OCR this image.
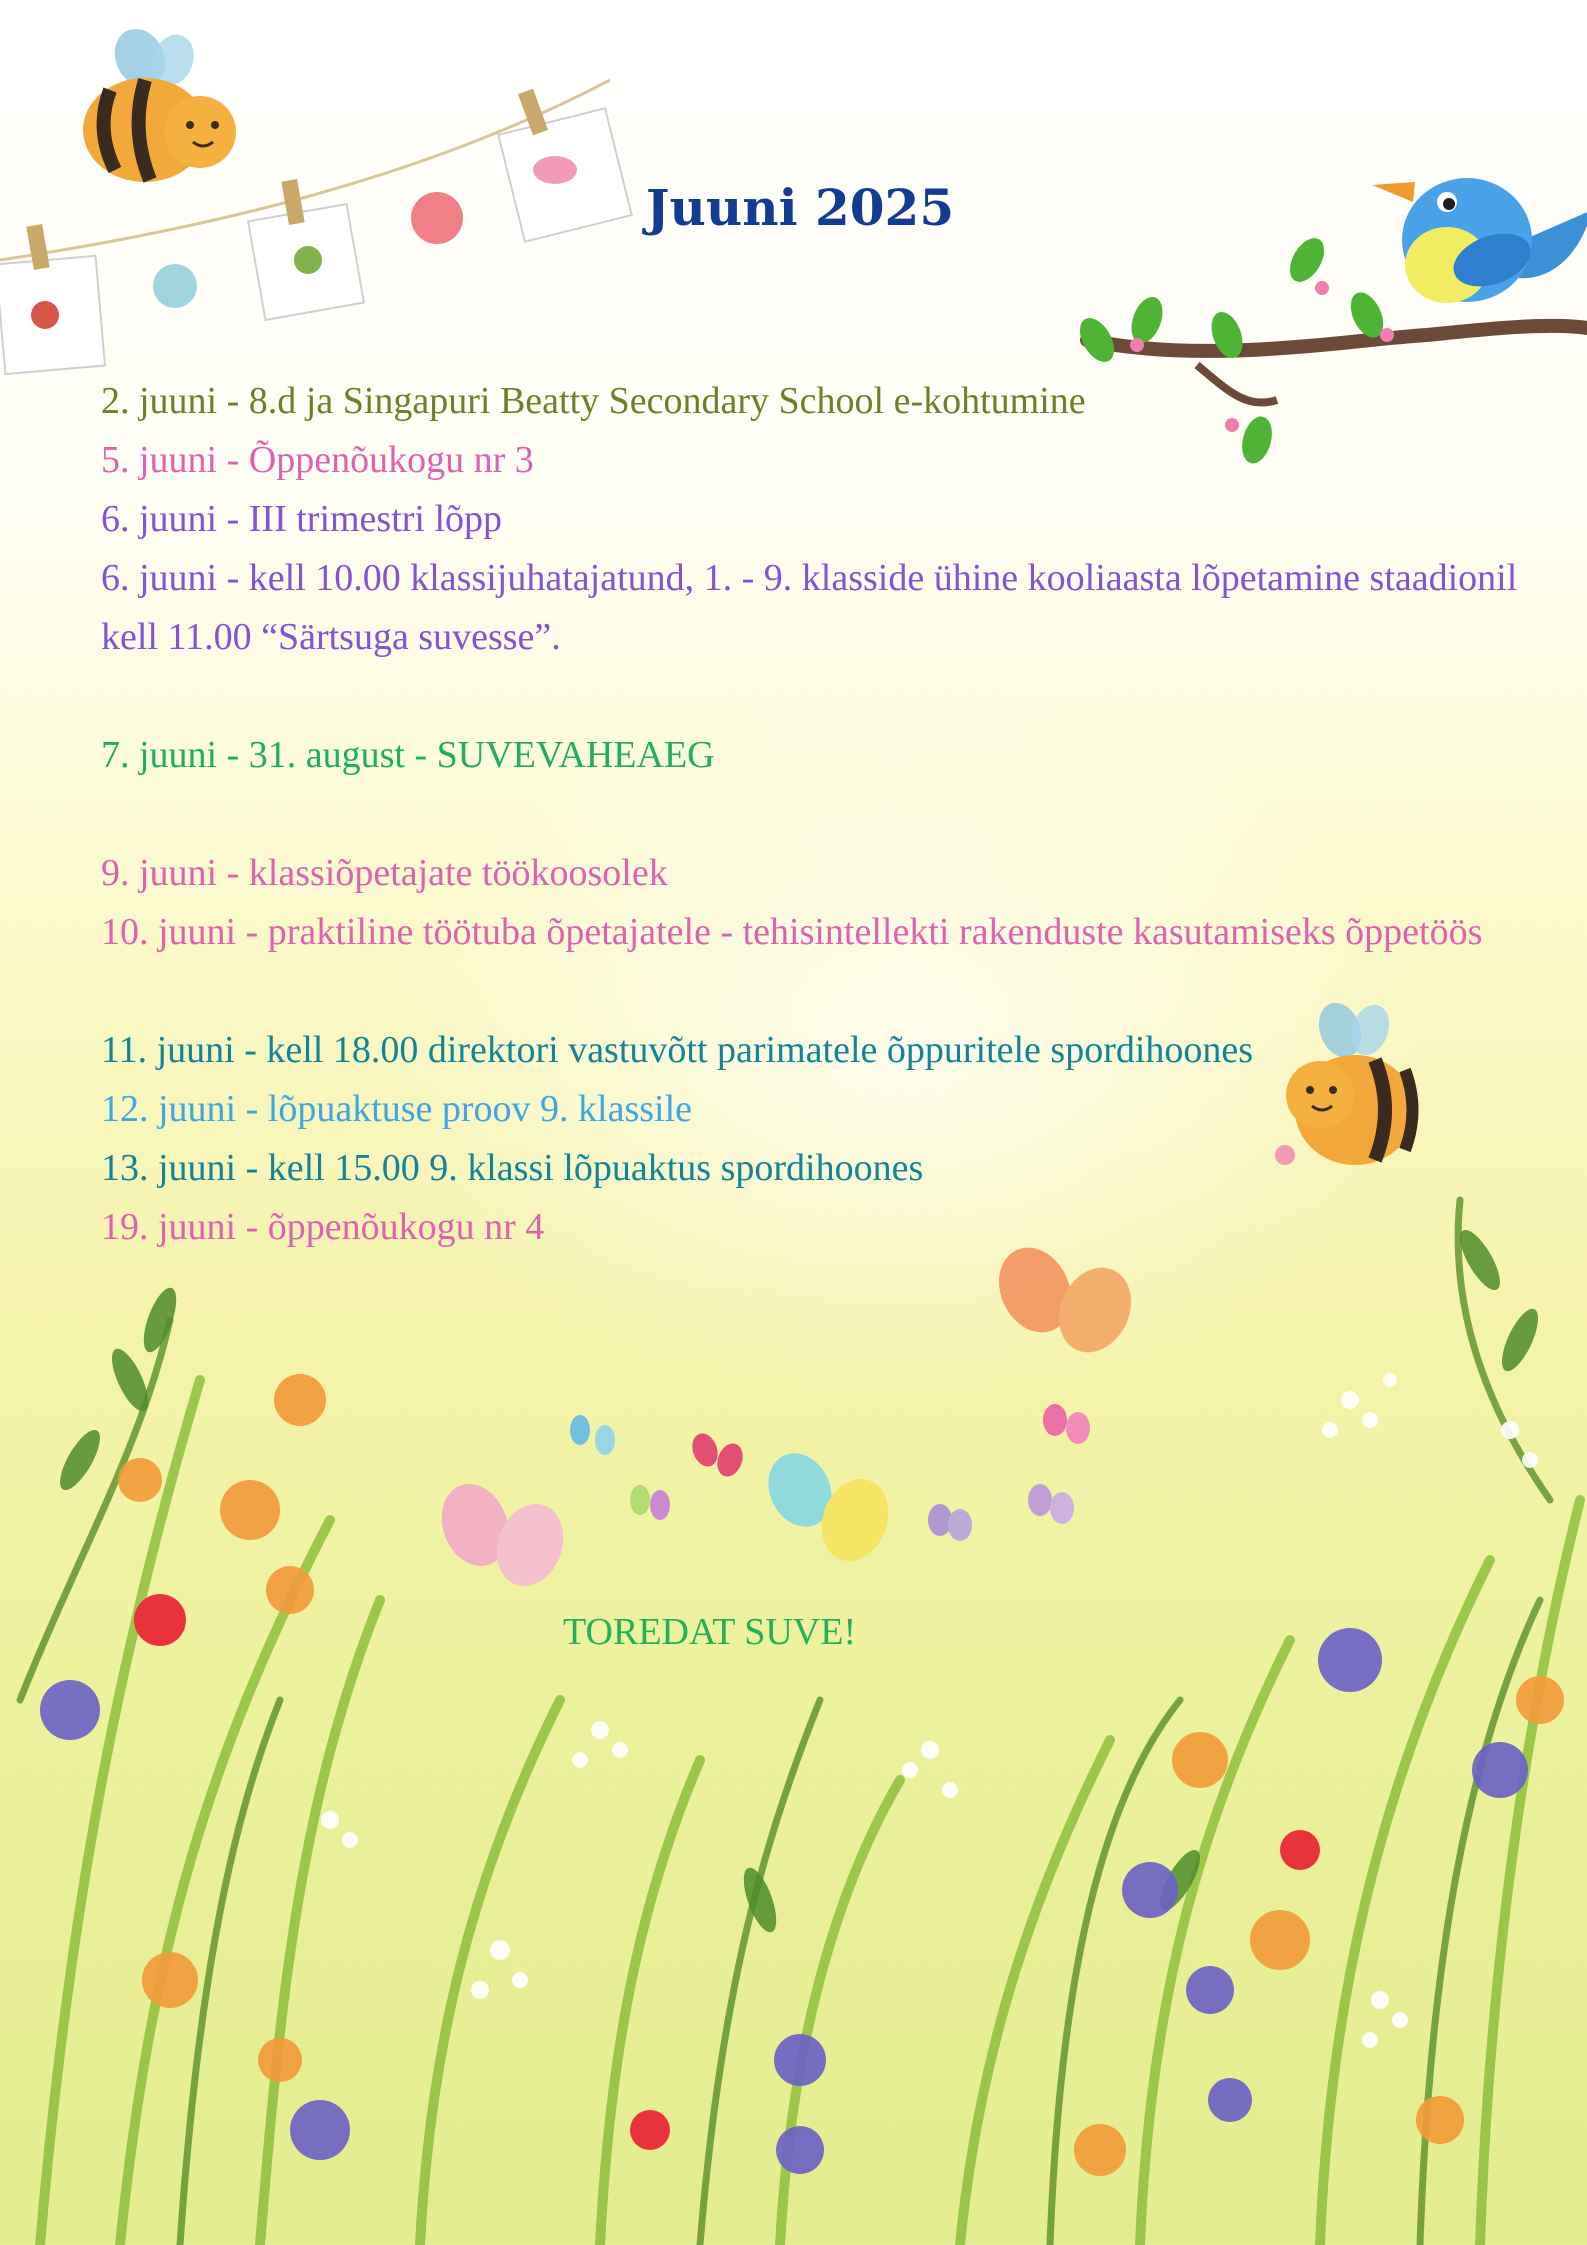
Juuni 2025

2. juuni - 8.d ja Singapuri Beatty Secondary School e-kohtumine

5. juuni - Õppenõukogu nr 3

6. juuni - III trimestri lõpp

6. juuni - kell 10.00 klassijuhatajatund, 1. - 9. klasside ühine kooliaasta lõpetamine staadionil kell 11.00 “Särtsuga suvesse”.

7. juuni - 31. august - SUVEVAHEAEG

9. juuni - klassiõpetajate töökoosolek

10. juuni - praktiline töötuba õpetajatele - tehisintellekti rakenduste kasutamiseks õppetöös

11. juuni - kell 18.00 direktori vastuvõtt parimatele õppuritele spordihoones

12. juuni - lõpuaktuse proov 9. klassile

13. juuni - kell 15.00 9. klassi lõpuaktus spordihoones

19. juuni - õppenõukogu nr 4

TOREDAT SUVE!
